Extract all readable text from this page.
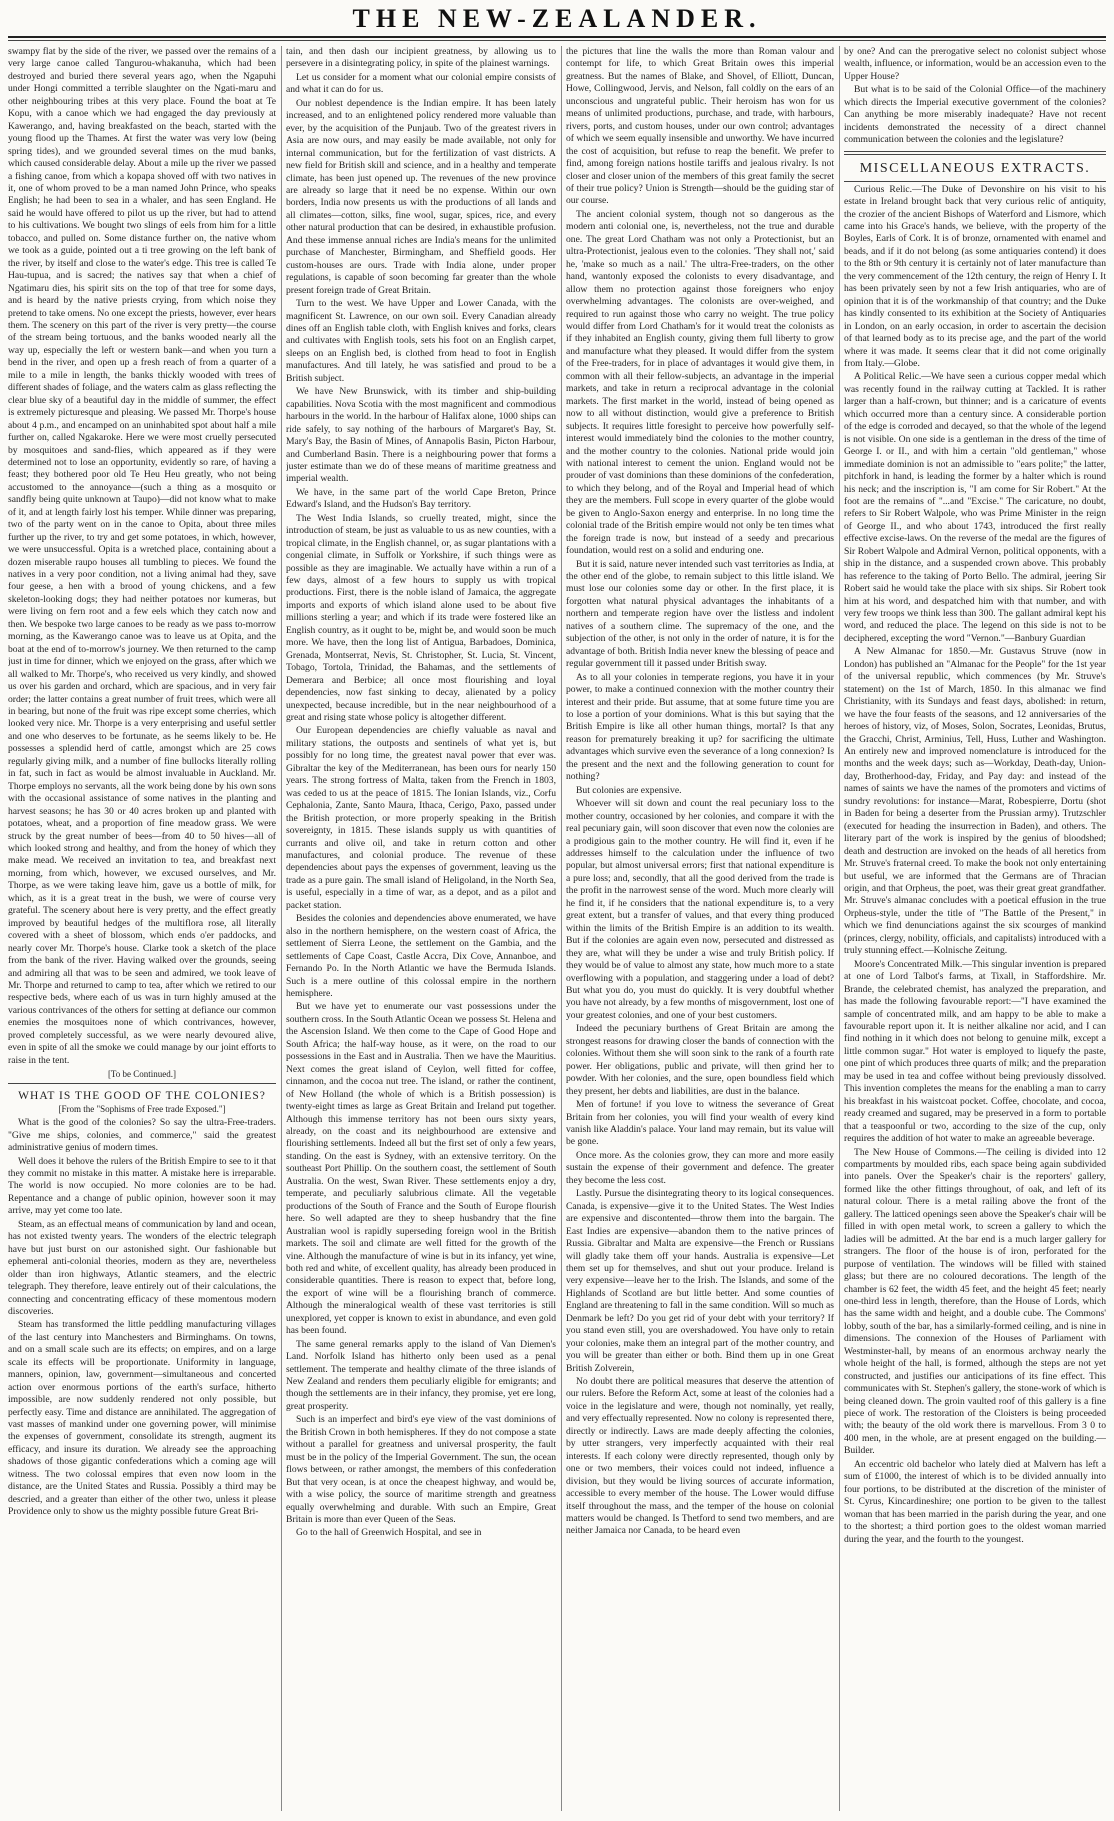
THE NEW-ZEALANDER.

swampy flat by the side of the river, we passed over the remains of a very large canoe called Tangurou-whakanuha, which had been destroyed and buried there several years ago, when the Ngapuhi under Hongi committed a terrible slaughter on the Ngati-maru and other neighbouring tribes at this very place. Found the boat at Te Kopu, with a canoe which we had engaged the day previously at Kawerango, and, having breakfasted on the beach, started with the young flood up the Thames. At first the water was very low (being spring tides), and we grounded several times on the mud banks, which caused considerable delay. About a mile up the river we passed a fishing canoe, from which a kopapa shoved off with two natives in it, one of whom proved to be a man named John Prince, who speaks English; he had been to sea in a whaler, and has seen England. He said he would have offered to pilot us up the river, but had to attend to his cultivations. We bought two slings of eels from him for a little tobacco, and pulled on. Some distance further on, the native whom we took as a guide, pointed out a ti tree growing on the left bank of the river, by itself and close to the water's edge. This tree is called Te Hau-tupua, and is sacred; the natives say that when a chief of Ngatimaru dies, his spirit sits on the top of that tree for some days, and is heard by the native priests crying, from which noise they pretend to take omens. No one except the priests, however, ever hears them. The scenery on this part of the river is very pretty—the course of the stream being tortuous, and the banks wooded nearly all the way up, especially the left or western bank—and when you turn a bend in the river, and open up a fresh reach of from a quarter of a mile to a mile in length, the banks thickly wooded with trees of different shades of foliage, and the waters calm as glass reflecting the clear blue sky of a beautiful day in the middle of summer, the effect is extremely picturesque and pleasing. We passed Mr. Thorpe's house about 4 p.m., and encamped on an uninhabited spot about half a mile further on, called Ngakaroke. Here we were most cruelly persecuted by mosquitoes and sand-flies, which appeared as if they were determined not to lose an opportunity, evidently so rare, of having a feast; they bothered poor old Te Heu Heu greatly, who not being accustomed to the annoyance—(such a thing as a mosquito or sandfly being quite unknown at Taupo)—did not know what to make of it, and at length fairly lost his temper. While dinner was preparing, two of the party went on in the canoe to Opita, about three miles further up the river, to try and get some potatoes, in which, however, we were unsuccessful. Opita is a wretched place, containing about a dozen miserable raupo houses all tumbling to pieces. We found the natives in a very poor condition, not a living animal had they, save four geese, a hen with a brood of young chickens, and a few skeleton-looking dogs; they had neither potatoes nor kumeras, but were living on fern root and a few eels which they catch now and then. We bespoke two large canoes to be ready as we pass to-morrow morning, as the Kawerango canoe was to leave us at Opita, and the boat at the end of to-morrow's journey. We then returned to the camp just in time for dinner, which we enjoyed on the grass, after which we all walked to Mr. Thorpe's, who received us very kindly, and showed us over his garden and orchard, which are spacious, and in very fair order; the latter contains a great number of fruit trees, which were all in bearing, but none of the fruit was ripe except some cherries, which looked very nice. Mr. Thorpe is a very enterprising and useful settler and one who deserves to be fortunate, as he seems likely to be. He possesses a splendid herd of cattle, amongst which are 25 cows regularly giving milk, and a number of fine bullocks literally rolling in fat, such in fact as would be almost invaluable in Auckland. Mr. Thorpe employs no servants, all the work being done by his own sons with the occasional assistance of some natives in the planting and harvest seasons; he has 30 or 40 acres broken up and planted with potatoes, wheat, and a proportion of fine meadow grass. We were struck by the great number of bees—from 40 to 50 hives—all of which looked strong and healthy, and from the honey of which they make mead. We received an invitation to tea, and breakfast next morning, from which, however, we excused ourselves, and Mr. Thorpe, as we were taking leave him, gave us a bottle of milk, for which, as it is a great treat in the bush, we were of course very grateful. The scenery about here is very pretty, and the effect greatly improved by beautiful hedges of the multiflora rose, all literally covered with a sheet of blossom, which ends o'er paddocks, and nearly cover Mr. Thorpe's house. Clarke took a sketch of the place from the bank of the river. Having walked over the grounds, seeing and admiring all that was to be seen and admired, we took leave of Mr. Thorpe and returned to camp to tea, after which we retired to our respective beds, where each of us was in turn highly amused at the various contrivances of the others for setting at defiance our common enemies the mosquitoes none of which contrivances, however, proved completely successful, as we were nearly devoured alive, even in spite of all the smoke we could manage by our joint efforts to raise in the tent.

[To be Continued.]
WHAT IS THE GOOD OF THE COLONIES?
[From the "Sophisms of Free trade Exposed."]

What is the good of the colonies? So say the ultra-Free-traders. "Give me ships, colonies, and commerce," said the greatest administrative genius of modern times.

Well does it behove the rulers of the British Empire to see to it that they commit no mistake in this matter. A mistake here is irreparable. The world is now occupied. No more colonies are to be had. Repentance and a change of public opinion, however soon it may arrive, may yet come too late.

Steam, as an effectual means of communication by land and ocean, has not existed twenty years. The wonders of the electric telegraph have but just burst on our astonished sight. Our fashionable but ephemeral anti-colonial theories, modern as they are, nevertheless older than iron highways, Atlantic steamers, and the electric telegraph. They therefore, leave entirely out of their calculations, the connecting and concentrating efficacy of these momentous modern discoveries.

Steam has transformed the little peddling manufacturing villages of the last century into Manchesters and Birminghams. On towns, and on a small scale such are its effects; on empires, and on a large scale its effects will be proportionate. Uniformity in language, manners, opinion, law, government—simultaneous and concerted action over enormous portions of the earth's surface, hitherto impossible, are now suddenly rendered not only possible, but perfectly easy. Time and distance are annihilated. The aggregation of vast masses of mankind under one governing power, will minimise the expenses of government, consolidate its strength, augment its efficacy, and insure its duration. We already see the approaching shadows of those gigantic confederations which a coming age will witness. The two colossal empires that even now loom in the distance, are the United States and Russia. Possibly a third may be descried, and a greater than either of the other two, unless it please Providence only to show us the mighty possible future Great Bri-

tain, and then dash our incipient greatness, by allowing us to persevere in a disintegrating policy, in spite of the plainest warnings.

Let us consider for a moment what our colonial empire consists of and what it can do for us.

Our noblest dependence is the Indian empire. It has been lately increased, and to an enlightened policy rendered more valuable than ever, by the acquisition of the Punjaub. Two of the greatest rivers in Asia are now ours, and may easily be made available, not only for internal communication, but for the fertilization of vast districts. A new field for British skill and science, and in a healthy and temperate climate, has been just opened up. The revenues of the new province are already so large that it need be no expense. Within our own borders, India now presents us with the productions of all lands and all climates—cotton, silks, fine wool, sugar, spices, rice, and every other natural production that can be desired, in exhaustible profusion. And these immense annual riches are India's means for the unlimited purchase of Manchester, Birmingham, and Sheffield goods. Her custom-houses are ours. Trade with India alone, under proper regulations, is capable of soon becoming far greater than the whole present foreign trade of Great Britain.

Turn to the west. We have Upper and Lower Canada, with the magnificent St. Lawrence, on our own soil. Every Canadian already dines off an English table cloth, with English knives and forks, clears and cultivates with English tools, sets his foot on an English carpet, sleeps on an English bed, is clothed from head to foot in English manufactures. And till lately, he was satisfied and proud to be a British subject.

We have New Brunswick, with its timber and ship-building capabilities. Nova Scotia with the most magnificent and commodious harbours in the world. In the harbour of Halifax alone, 1000 ships can ride safely, to say nothing of the harbours of Margaret's Bay, St. Mary's Bay, the Basin of Mines, of Annapolis Basin, Picton Harbour, and Cumberland Basin. There is a neighbouring power that forms a juster estimate than we do of these means of maritime greatness and imperial wealth.

We have, in the same part of the world Cape Breton, Prince Edward's Island, and the Hudson's Bay territory.

The West India Islands, so cruelly treated, might, since the introduction of steam, be just as valuable to us as new counties, with a tropical climate, in the English channel, or, as sugar plantations with a congenial climate, in Suffolk or Yorkshire, if such things were as possible as they are imaginable. We actually have within a run of a few days, almost of a few hours to supply us with tropical productions. First, there is the noble island of Jamaica, the aggregate imports and exports of which island alone used to be about five millions sterling a year; and which if its trade were fostered like an English country, as it ought to be, might be, and would soon be much more. We have, then the long list of Antigua, Barbadoes, Dominica, Grenada, Montserrat, Nevis, St. Christopher, St. Lucia, St. Vincent, Tobago, Tortola, Trinidad, the Bahamas, and the settlements of Demerara and Berbice; all once most flourishing and loyal dependencies, now fast sinking to decay, alienated by a policy unexpected, because incredible, but in the near neighbourhood of a great and rising state whose policy is altogether different.

Our European dependencies are chiefly valuable as naval and military stations, the outposts and sentinels of what yet is, but possibly for no long time, the greatest naval power that ever was. Gibraltar the key of the Mediterranean, has been ours for nearly 150 years. The strong fortress of Malta, taken from the French in 1803, was ceded to us at the peace of 1815. The Ionian Islands, viz., Corfu Cephalonia, Zante, Santo Maura, Ithaca, Cerigo, Paxo, passed under the British protection, or more properly speaking in the British sovereignty, in 1815. These islands supply us with quantities of currants and olive oil, and take in return cotton and other manufactures, and colonial produce. The revenue of these dependencies about pays the expenses of government, leaving us the trade as a pure gain. The small island of Heligoland, in the North Sea, is useful, especially in a time of war, as a depot, and as a pilot and packet station.

Besides the colonies and dependencies above enumerated, we have also in the northern hemisphere, on the western coast of Africa, the settlement of Sierra Leone, the settlement on the Gambia, and the settlements of Cape Coast, Castle Accra, Dix Cove, Annanboe, and Fernando Po. In the North Atlantic we have the Bermuda Islands. Such is a mere outline of this colossal empire in the northern hemisphere.

But we have yet to enumerate our vast possessions under the southern cross. In the South Atlantic Ocean we possess St. Helena and the Ascension Island. We then come to the Cape of Good Hope and South Africa; the half-way house, as it were, on the road to our possessions in the East and in Australia. Then we have the Mauritius. Next comes the great island of Ceylon, well fitted for coffee, cinnamon, and the cocoa nut tree. The island, or rather the continent, of New Holland (the whole of which is a British possession) is twenty-eight times as large as Great Britain and Ireland put together. Although this immense territory has not been ours sixty years, already, on the coast and its neighbourhood are extensive and flourishing settlements. Indeed all but the first set of only a few years, standing. On the east is Sydney, with an extensive territory. On the southeast Port Phillip. On the southern coast, the settlement of South Australia. On the west, Swan River. These settlements enjoy a dry, temperate, and peculiarly salubrious climate. All the vegetable productions of the South of France and the South of Europe flourish here. So well adapted are they to sheep husbandry that the fine Australian wool is rapidly superseding foreign wool in the British markets. The soil and climate are well fitted for the growth of the vine. Although the manufacture of wine is but in its infancy, yet wine, both red and white, of excellent quality, has already been produced in considerable quantities. There is reason to expect that, before long, the export of wine will be a flourishing branch of commerce. Although the mineralogical wealth of these vast territories is still unexplored, yet copper is known to exist in abundance, and even gold has been found.

The same general remarks apply to the island of Van Diemen's Land. Norfolk Island has hitherto only been used as a penal settlement. The temperate and healthy climate of the three islands of New Zealand and renders them peculiarly eligible for emigrants; and though the settlements are in their infancy, they promise, yet ere long, great prosperity.

Such is an imperfect and bird's eye view of the vast dominions of the British Crown in both hemispheres. If they do not compose a state without a parallel for greatness and universal prosperity, the fault must be in the policy of the Imperial Government. The sun, the ocean flows between, or rather amongst, the members of this confederation But that very ocean, is at once the cheapest highway, and would be, with a wise policy, the source of maritime strength and greatness equally overwhelming and durable. With such an Empire, Great Britain is more than ever Queen of the Seas.

Go to the hall of Greenwich Hospital, and see in

the pictures that line the walls the more than Roman valour and contempt for life, to which Great Britain owes this imperial greatness. But the names of Blake, and Shovel, of Elliott, Duncan, Howe, Collingwood, Jervis, and Nelson, fall coldly on the ears of an unconscious and ungrateful public. Their heroism has won for us means of unlimited productions, purchase, and trade, with harbours, rivers, ports, and custom houses, under our own control; advantages of which we seem equally insensible and unworthy. We have incurred the cost of acquisition, but refuse to reap the benefit. We prefer to find, among foreign nations hostile tariffs and jealous rivalry. Is not closer and closer union of the members of this great family the secret of their true policy? Union is Strength—should be the guiding star of our course.

The ancient colonial system, though not so dangerous as the modern anti colonial one, is, nevertheless, not the true and durable one. The great Lord Chatham was not only a Protectionist, but an ultra-Protectionist, jealous even to the colonies. 'They shall not,' said he, 'make so much as a nail.' The ultra-Free-traders, on the other hand, wantonly exposed the colonists to every disadvantage, and allow them no protection against those foreigners who enjoy overwhelming advantages. The colonists are over-weighed, and required to run against those who carry no weight. The true policy would differ from Lord Chatham's for it would treat the colonists as if they inhabited an English county, giving them full liberty to grow and manufacture what they pleased. It would differ from the system of the Free-traders, for in place of advantages it would give them, in common with all their fellow-subjects, an advantage in the imperial markets, and take in return a reciprocal advantage in the colonial markets. The first market in the world, instead of being opened as now to all without distinction, would give a preference to British subjects. It requires little foresight to perceive how powerfully self-interest would immediately bind the colonies to the mother country, and the mother country to the colonies. National pride would join with national interest to cement the union. England would not be prouder of vast dominions than these dominions of the confederation, to which they belong, and of the Royal and Imperial head of which they are the members. Full scope in every quarter of the globe would be given to Anglo-Saxon energy and enterprise. In no long time the colonial trade of the British empire would not only be ten times what the foreign trade is now, but instead of a seedy and precarious foundation, would rest on a solid and enduring one.

But it is said, nature never intended such vast territories as India, at the other end of the globe, to remain subject to this little island. We must lose our colonies some day or other. In the first place, it is forgotten what natural physical advantages the inhabitants of a northern and temperate region have over the listless and indolent natives of a southern clime. The supremacy of the one, and the subjection of the other, is not only in the order of nature, it is for the advantage of both. British India never knew the blessing of peace and regular government till it passed under British sway.

As to all your colonies in temperate regions, you have it in your power, to make a continued connexion with the mother country their interest and their pride. But assume, that at some future time you are to lose a portion of your dominions. What is this but saying that the British Empire is like all other human things, mortal? Is that any reason for prematurely breaking it up? for sacrificing the ultimate advantages which survive even the severance of a long connexion? Is the present and the next and the following generation to count for nothing?

But colonies are expensive.

Whoever will sit down and count the real pecuniary loss to the mother country, occasioned by her colonies, and compare it with the real pecuniary gain, will soon discover that even now the colonies are a prodigious gain to the mother country. He will find it, even if he addresses himself to the calculation under the influence of two popular, but almost universal errors; first that national expenditure is a pure loss; and, secondly, that all the good derived from the trade is the profit in the narrowest sense of the word. Much more clearly will he find it, if he considers that the national expenditure is, to a very great extent, but a transfer of values, and that every thing produced within the limits of the British Empire is an addition to its wealth. But if the colonies are again even now, persecuted and distressed as they are, what will they be under a wise and truly British policy. If they would be of value to almost any state, how much more to a state overflowing with a population, and staggering under a load of debt? But what you do, you must do quickly. It is very doubtful whether you have not already, by a few months of misgovernment, lost one of your greatest colonies, and one of your best customers.

Indeed the pecuniary burthens of Great Britain are among the strongest reasons for drawing closer the bands of connection with the colonies. Without them she will soon sink to the rank of a fourth rate power. Her obligations, public and private, will then grind her to powder. With her colonies, and the sure, open boundless field which they present, her debts and liabilities, are dust in the balance.

Men of fortune! if you love to witness the severance of Great Britain from her colonies, you will find your wealth of every kind vanish like Aladdin's palace. Your land may remain, but its value will be gone.

Once more. As the colonies grow, they can more and more easily sustain the expense of their government and defence. The greater they become the less cost.

Lastly. Pursue the disintegrating theory to its logical consequences. Canada, is expensive—give it to the United States. The West Indies are expensive and discontented—throw them into the bargain. The East Indies are expensive—abandon them to the native princes of Russia. Gibraltar and Malta are expensive—the French or Russians will gladly take them off your hands. Australia is expensive—Let them set up for themselves, and shut out your produce. Ireland is very expensive—leave her to the Irish. The Islands, and some of the Highlands of Scotland are but little better. And some counties of England are threatening to fall in the same condition. Will so much as Denmark be left? Do you get rid of your debt with your territory? If you stand even still, you are overshadowed. You have only to retain your colonies, make them an integral part of the mother country, and you will be greater than either or both. Bind them up in one Great British Zolverein,

No doubt there are political measures that deserve the attention of our rulers. Before the Reform Act, some at least of the colonies had a voice in the legislature and were, though not nominally, yet really, and very effectually represented. Now no colony is represented there, directly or indirectly. Laws are made deeply affecting the colonies, by utter strangers, very imperfectly acquainted with their real interests. If each colony were directly represented, though only by one or two members, their voices could not indeed, influence a division, but they would be living sources of accurate information, accessible to every member of the house. The Lower would diffuse itself throughout the mass, and the temper of the house on colonial matters would be changed. Is Thetford to send two members, and are neither Jamaica nor Canada, to be heard even

by one? And can the prerogative select no colonist subject whose wealth, influence, or information, would be an accession even to the Upper House?

But what is to be said of the Colonial Office—of the machinery which directs the Imperial executive government of the colonies? Can anything be more miserably inadequate? Have not recent incidents demonstrated the necessity of a direct channel communication between the colonies and the legislature?

MISCELLANEOUS EXTRACTS.

Curious Relic.—The Duke of Devonshire on his visit to his estate in Ireland brought back that very curious relic of antiquity, the crozier of the ancient Bishops of Waterford and Lismore, which came into his Grace's hands, we believe, with the property of the Boyles, Earls of Cork. It is of bronze, ornamented with enamel and beads, and if it do not belong (as some antiquaries contend) it does to the 8th or 9th century it is certainly not of later manufacture than the very commencement of the 12th century, the reign of Henry I. It has been privately seen by not a few Irish antiquaries, who are of opinion that it is of the workmanship of that country; and the Duke has kindly consented to its exhibition at the Society of Antiquaries in London, on an early occasion, in order to ascertain the decision of that learned body as to its precise age, and the part of the world where it was made. It seems clear that it did not come originally from Italy.—Globe.

A Political Relic.—We have seen a curious copper medal which was recently found in the railway cutting at Tackled. It is rather larger than a half-crown, but thinner; and is a caricature of events which occurred more than a century since. A considerable portion of the edge is corroded and decayed, so that the whole of the legend is not visible. On one side is a gentleman in the dress of the time of George I. or II., and with him a certain "old gentleman," whose immediate dominion is not an admissible to "ears polite;" the latter, pitchfork in hand, is leading the former by a halter which is round his neck; and the inscription is, "I am come for Sir Robert." At the foot are the remains of "...and "Excise." The caricature, no doubt, refers to Sir Robert Walpole, who was Prime Minister in the reign of George II., and who about 1743, introduced the first really effective excise-laws. On the reverse of the medal are the figures of Sir Robert Walpole and Admiral Vernon, political opponents, with a ship in the distance, and a suspended crown above. This probably has reference to the taking of Porto Bello. The admiral, jeering Sir Robert said he would take the place with six ships. Sir Robert took him at his word, and despatched him with that number, and with very few troops we think less than 300. The gallant admiral kept his word, and reduced the place. The legend on this side is not to be deciphered, excepting the word "Vernon."—Banbury Guardian

A New Almanac for 1850.—Mr. Gustavus Struve (now in London) has published an "Almanac for the People" for the 1st year of the universal republic, which commences (by Mr. Struve's statement) on the 1st of March, 1850. In this almanac we find Christianity, with its Sundays and feast days, abolished: in return, we have the four feasts of the seasons, and 12 anniversaries of the heroes of history, viz, of Moses, Solon, Socrates, Leonidas, Brutus, the Gracchi, Christ, Arminius, Tell, Huss, Luther and Washington. An entirely new and improved nomenclature is introduced for the months and the week days; such as—Workday, Death-day, Union-day, Brotherhood-day, Friday, and Pay day: and instead of the names of saints we have the names of the promoters and victims of sundry revolutions: for instance—Marat, Robespierre, Dortu (shot in Baden for being a deserter from the Prussian army). Trutzschler (executed for heading the insurrection in Baden), and others. The literary part of the work is inspired by the genius of bloodshed; death and destruction are invoked on the heads of all heretics from Mr. Struve's fraternal creed. To make the book not only entertaining but useful, we are informed that the Germans are of Thracian origin, and that Orpheus, the poet, was their great great grandfather. Mr. Struve's almanac concludes with a poetical effusion in the true Orpheus-style, under the title of "The Battle of the Present," in which we find denunciations against the six scourges of mankind (princes, clergy, nobility, officials, and capitalists) introduced with a truly stunning effect.—Kolnische Zeitung.

Moore's Concentrated Milk.—This singular invention is prepared at one of Lord Talbot's farms, at Tixall, in Staffordshire. Mr. Brande, the celebrated chemist, has analyzed the preparation, and has made the following favourable report:—"I have examined the sample of concentrated milk, and am happy to be able to make a favourable report upon it. It is neither alkaline nor acid, and I can find nothing in it which does not belong to genuine milk, except a little common sugar." Hot water is employed to liquefy the paste, one pint of which produces three quarts of milk; and the preparation may be used in tea and coffee without being previously dissolved. This invention completes the means for the enabling a man to carry his breakfast in his waistcoat pocket. Coffee, chocolate, and cocoa, ready creamed and sugared, may be preserved in a form to portable that a teaspoonful or two, according to the size of the cup, only requires the addition of hot water to make an agreeable beverage.

The New House of Commons.—The ceiling is divided into 12 compartments by moulded ribs, each space being again subdivided into panels. Over the Speaker's chair is the reporters' gallery, formed like the other fittings throughout, of oak, and left of its natural colour. There is a metal railing above the front of the gallery. The latticed openings seen above the Speaker's chair will be filled in with open metal work, to screen a gallery to which the ladies will be admitted. At the bar end is a much larger gallery for strangers. The floor of the house is of iron, perforated for the purpose of ventilation. The windows will be filled with stained glass; but there are no coloured decorations. The length of the chamber is 62 feet, the width 45 feet, and the height 45 feet; nearly one-third less in length, therefore, than the House of Lords, which has the same width and height, and a double cube. The Commons' lobby, south of the bar, has a similarly-formed ceiling, and is nine in dimensions. The connexion of the Houses of Parliament with Westminster-hall, by means of an enormous archway nearly the whole height of the hall, is formed, although the steps are not yet constructed, and justifies our anticipations of its fine effect. This communicates with St. Stephen's gallery, the stone-work of which is being cleaned down. The groin vaulted roof of this gallery is a fine piece of work. The restoration of the Cloisters is being proceeded with; the beauty of the old work there is marvellous. From 3 0 to 400 men, in the whole, are at present engaged on the building.—Builder.

An eccentric old bachelor who lately died at Malvern has left a sum of £1000, the interest of which is to be divided annually into four portions, to be distributed at the discretion of the minister of St. Cyrus, Kincardineshire; one portion to be given to the tallest woman that has been married in the parish during the year, and one to the shortest; a third portion goes to the oldest woman married during the year, and the fourth to the youngest.
